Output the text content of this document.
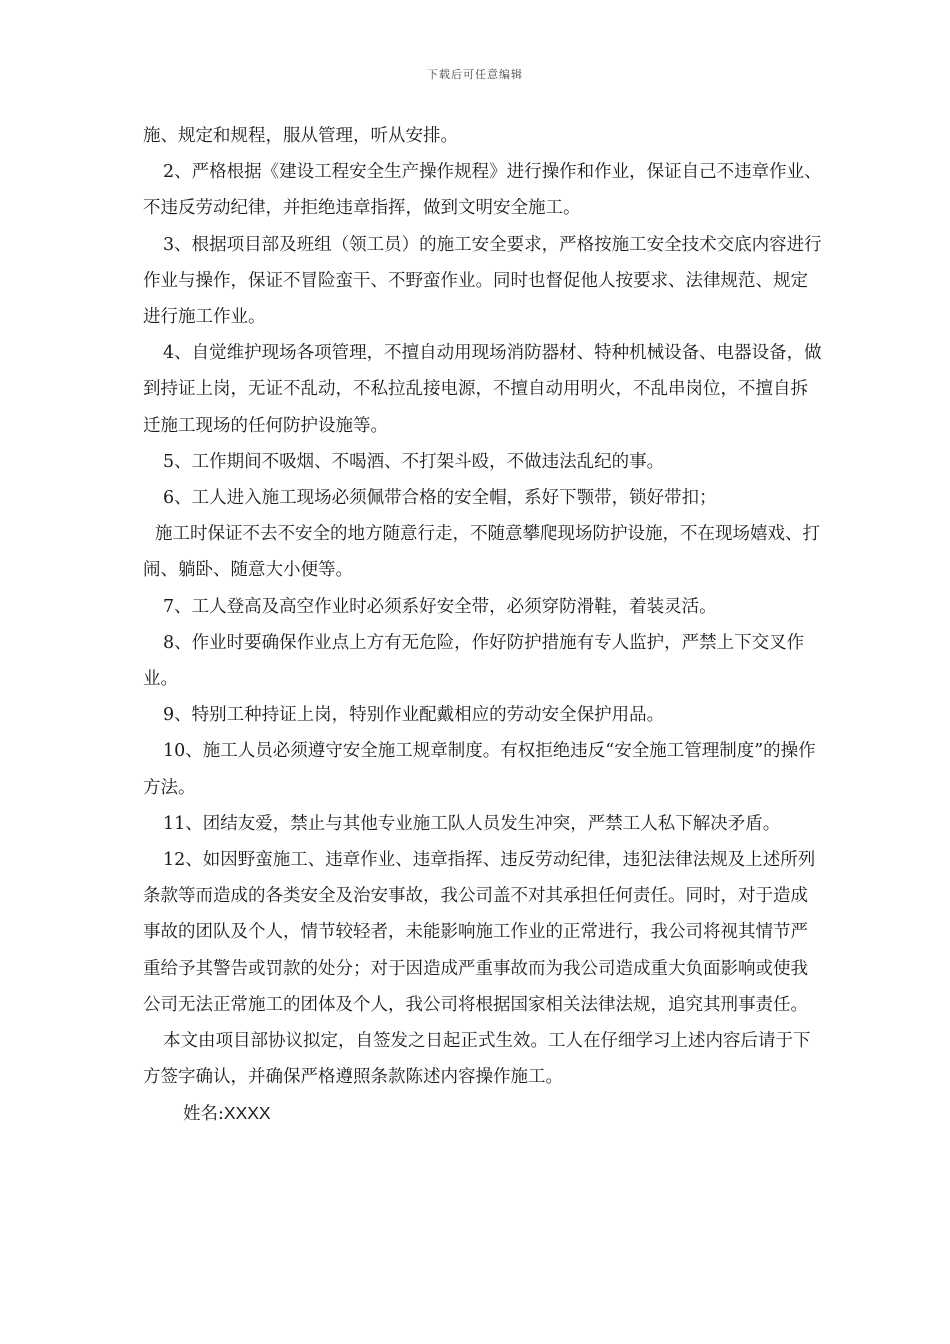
下载后可任意编辑

施、规定和规程，服从管理，听从安排。

2、严格根据《建设工程安全生产操作规程》进行操作和作业，保证自己不违章作业、不违反劳动纪律，并拒绝违章指挥，做到文明安全施工。

3、根据项目部及班组（领工员）的施工安全要求，严格按施工安全技术交底内容进行作业与操作，保证不冒险蛮干、不野蛮作业。同时也督促他人按要求、法律规范、规定进行施工作业。

4、自觉维护现场各项管理，不擅自动用现场消防器材、特种机械设备、电器设备，做到持证上岗，无证不乱动，不私拉乱接电源，不擅自动用明火，不乱串岗位，不擅自拆迁施工现场的任何防护设施等。

5、工作期间不吸烟、不喝酒、不打架斗殴，不做违法乱纪的事。

6、工人进入施工现场必须佩带合格的安全帽，系好下颚带，锁好带扣；

施工时保证不去不安全的地方随意行走，不随意攀爬现场防护设施，不在现场嬉戏、打闹、躺卧、随意大小便等。

7、工人登高及高空作业时必须系好安全带，必须穿防滑鞋，着装灵活。

8、作业时要确保作业点上方有无危险，作好防护措施有专人监护，严禁上下交叉作业。

9、特别工种持证上岗，特别作业配戴相应的劳动安全保护用品。

10、施工人员必须遵守安全施工规章制度。有权拒绝违反“安全施工管理制度”的操作方法。

11、团结友爱，禁止与其他专业施工队人员发生冲突，严禁工人私下解决矛盾。

12、如因野蛮施工、违章作业、违章指挥、违反劳动纪律，违犯法律法规及上述所列条款等而造成的各类安全及治安事故，我公司盖不对其承担任何责任。同时，对于造成事故的团队及个人，情节较轻者，未能影响施工作业的正常进行，我公司将视其情节严重给予其警告或罚款的处分；对于因造成严重事故而为我公司造成重大负面影响或使我公司无法正常施工的团体及个人，我公司将根据国家相关法律法规，追究其刑事责任。

本文由项目部协议拟定，自签发之日起正式生效。工人在仔细学习上述内容后请于下方签字确认，并确保严格遵照条款陈述内容操作施工。

姓名:XXXX
